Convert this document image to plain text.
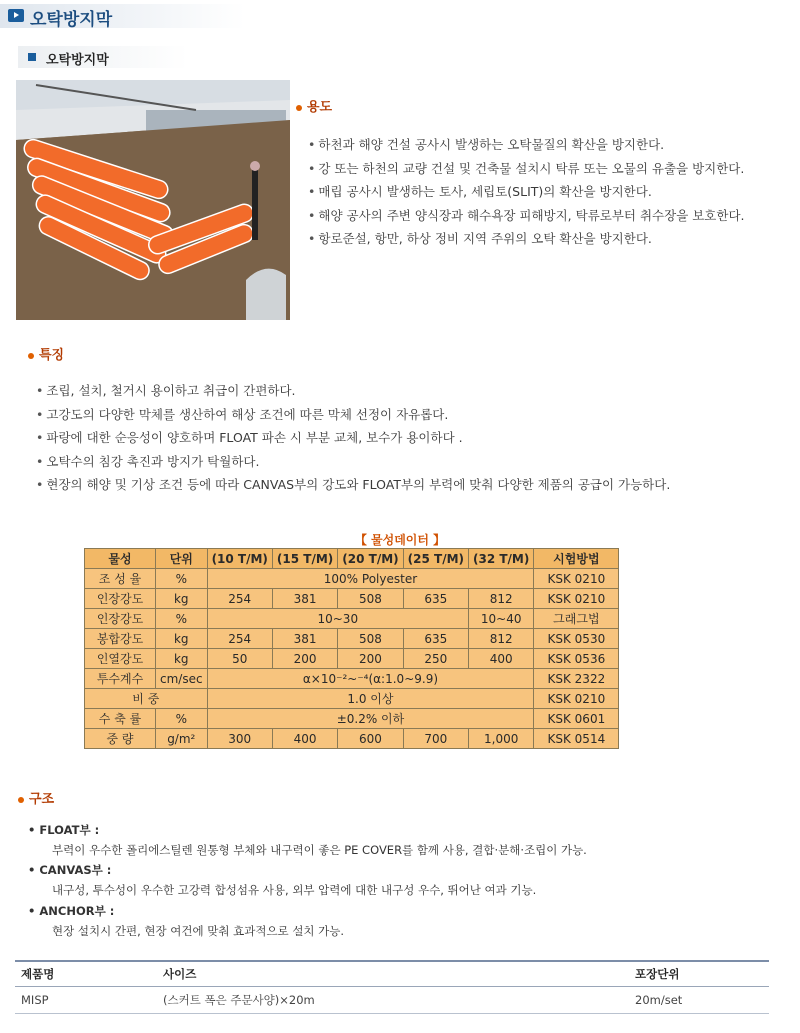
오탁방지막
오탁방지막
용도
• 하천과 해양 건설 공사시 발생하는 오탁물질의 확산을 방지한다.
• 강 또는 하천의 교량 건설 및 건축물 설치시 탁류 또는 오물의 유출을 방지한다.
• 매립 공사시 발생하는 토사, 세립토(SLIT)의 확산을 방지한다.
• 해양 공사의 주변 양식장과 해수욕장 피해방지, 탁류로부터 취수장을 보호한다.
• 항로준설, 항만, 하상 정비 지역 주위의 오탁 확산을 방지한다.
특징
• 조립, 설치, 철거시 용이하고 취급이 간편하다.
• 고강도의 다양한 막체를 생산하여 해상 조건에 따른 막체 선정이 자유롭다.
• 파랑에 대한 순응성이 양호하며 FLOAT 파손 시 부분 교체, 보수가 용이하다 .
• 오탁수의 침강 촉진과 방지가 탁월하다.
• 현장의 해양 및 기상 조건 등에 따라 CANVAS부의 강도와 FLOAT부의 부력에 맞춰 다양한 제품의 공급이 가능하다.
【 물성데이터 】
물성	단위	(10 T/M)	(15 T/M)	(20 T/M)	(25 T/M)	(32 T/M)	시험방법
조 성 율	%	100% Polyester					KSK 0210
인장강도	kg	254	381	508	635	812	KSK 0210
인장강도	%	10~30				10~40	그래그법
봉합강도	kg	254	381	508	635	812	KSK 0530
인열강도	kg	50	200	200	250	400	KSK 0536
투수계수	cm/sec	α×10⁻²~⁻⁴(α:1.0~9.9)					KSK 2322
비 중		1.0 이상					KSK 0210
수 축 률	%	±0.2% 이하					KSK 0601
중 량	g/m²	300	400	600	700	1,000	KSK 0514
구조
• FLOAT부 :
부력이 우수한 폴리에스틸렌 원통형 부체와 내구력이 좋은 PE COVER를 함께 사용, 결합·분해·조립이 가능.
• CANVAS부 :
내구성, 투수성이 우수한 고강력 합성섬유 사용, 외부 압력에 대한 내구성 우수, 뛰어난 여과 기능.
• ANCHOR부 :
현장 설치시 간편, 현장 여건에 맞춰 효과적으로 설치 가능.
제품명	사이즈	포장단위
MISP	(스커트 폭은 주문사양)×20m	20m/set
